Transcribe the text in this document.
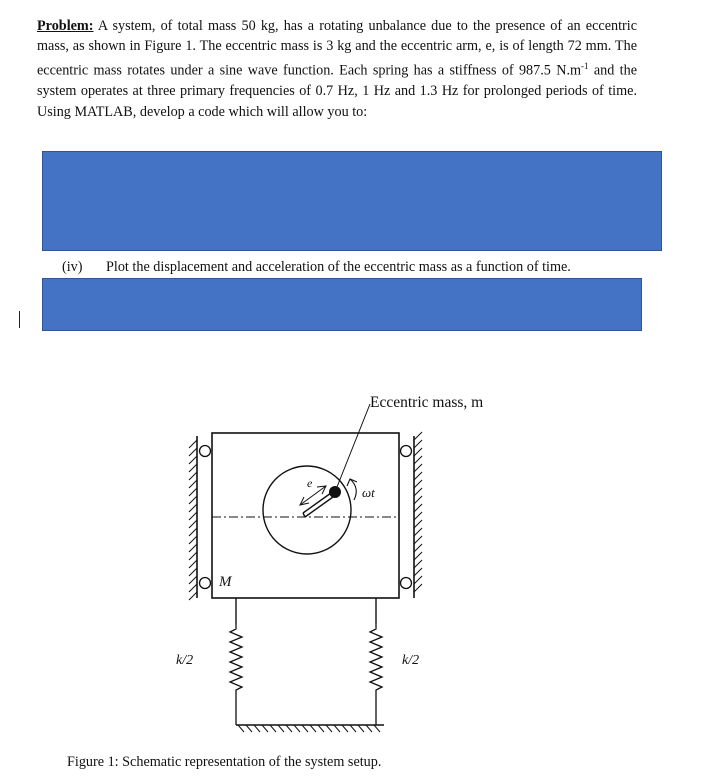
Problem: A system, of total mass 50 kg, has a rotating unbalance due to the presence of an eccentric mass, as shown in Figure 1. The eccentric mass is 3 kg and the eccentric arm, e, is of length 72 mm. The eccentric mass rotates under a sine wave function. Each spring has a stiffness of 987.5 $N.m^{-1}$ and the system operates at three primary frequencies of 0.7 Hz, 1 Hz and 1.3 Hz for prolonged periods of time. Using MATLAB, develop a code which will allow you to:
(iv) Plot the displacement and acceleration of the eccentric mass as a function of time.
Eccentric mass, m
e
ωt
M
k/2	k/2
Figure 1: Schematic representation of the system setup.
